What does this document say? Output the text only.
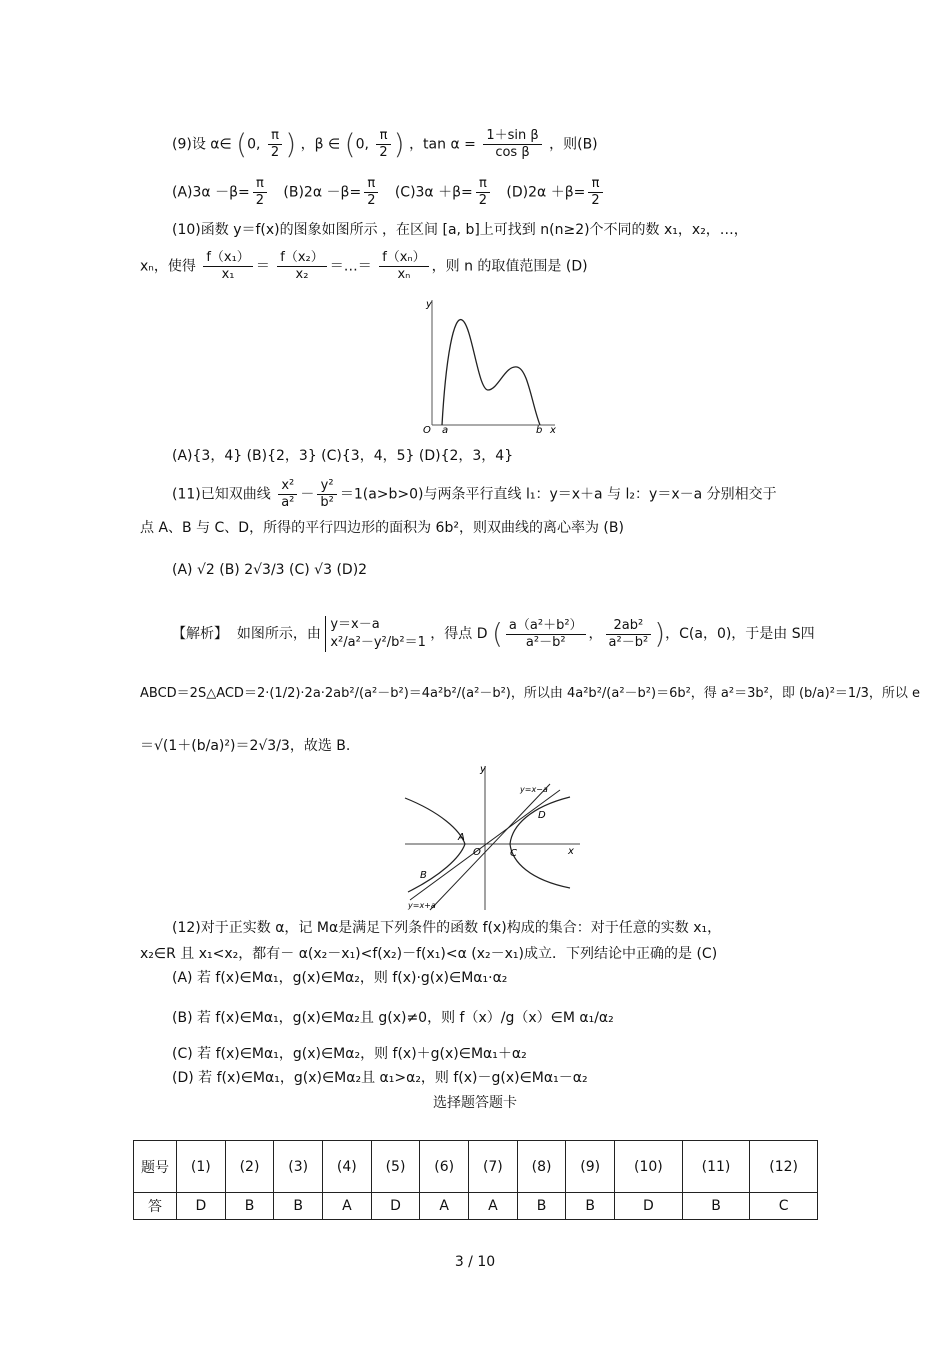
(9)设 α∈ (0, $\frac{\pi}{2}$ ) ，β ∈ (0, $\frac{\pi}{2}$ ) ，$\tan \alpha = \frac{\text{1＋sin β}}{\text{cos β}}$ ，则(B)
$(A)3\alpha -\beta= \frac{\pi}{2} (B)2\alpha -\beta= \frac{\pi}{2} (C)3\alpha +\beta= \frac{\pi}{2} (D)2\alpha +\beta= \frac{\pi}{2}$
(10)函数 y＝f(x)的图象如图所示 ，在区间 [a, b]上可找到 n(n≥2)个不同的数 x₁，x₂，…，
xₙ，使得 $\frac{\text{f（x₁）}}{\text{x₁}} = \frac{\text{f（x₂）}}{\text{x₂}}$ ＝…＝ $\frac{\text{f（xₙ）}}{\text{xₙ}}$ ，则 n 的取值范围是 (D)
y
x
O a	b
(A){3，4} (B){2，3} (C){3，4，5} (D){2，3，4}
(11)已知双曲线 $\frac{\text{x²}}{\text{a²}} - \frac{\text{y²}}{\text{b²}} =1(a>b>0)$与两条平行直线 l₁：y＝x＋a 与 l₂：y＝x－a 分别相交于
点 A、B 与 C、D，所得的平行四边形的面积为 6b²，则双曲线的离心率为 (B)
(A) √2 (B) 2√3/3 (C) √3 (D)2
【解析】 如图所示，由
y＝x－a
x²/a²－y²/b²＝1
，得点 D ( $\frac{\text{a（a²＋b²）}}{\text{a²－b²}}$ ， $\frac{\text{2ab²}}{\text{a²－b²}}$ )，C(a，0)，于是由 S四
ABCD＝2S△ACD＝2·(1/2)·2a·2ab²/(a²－b²)＝4a²b²/(a²－b²)，所以由 4a²b²/(a²－b²)＝6b²，得 a²＝3b²，即 (b/a)²＝1/3，所以 e
＝√(1＋(b/a)²)＝2√3/3，故选 B.
y
x
O
A
B
C
D
y=x+a
y=x−a
(12)对于正实数 α，记 Mα是满足下列条件的函数 f(x)构成的集合：对于任意的实数 x₁，
x₂∈R 且 x₁<x₂，都有－ α(x₂－x₁)<f(x₂)－f(x₁)<α (x₂－x₁)成立．下列结论中正确的是 (C)
(A) 若 f(x)∈Mα₁，g(x)∈Mα₂，则 f(x)·g(x)∈Mα₁·α₂
(B) 若 f(x)∈Mα₁，g(x)∈Mα₂且 g(x)≠0，则 f（x）/g（x）∈M α₁/α₂
(C) 若 f(x)∈Mα₁，g(x)∈Mα₂，则 f(x)＋g(x)∈Mα₁＋α₂
(D) 若 f(x)∈Mα₁，g(x)∈Mα₂且 α₁>α₂，则 f(x)－g(x)∈Mα₁－α₂
选择题答题卡
题号	(1)	(2)	(3)	(4)	(5)	(6)	(7)	(8)	(9)	(10)	(11)	(12)
答	D	B	B	A	D	A	A	B	B	D	B	C
3 / 10
